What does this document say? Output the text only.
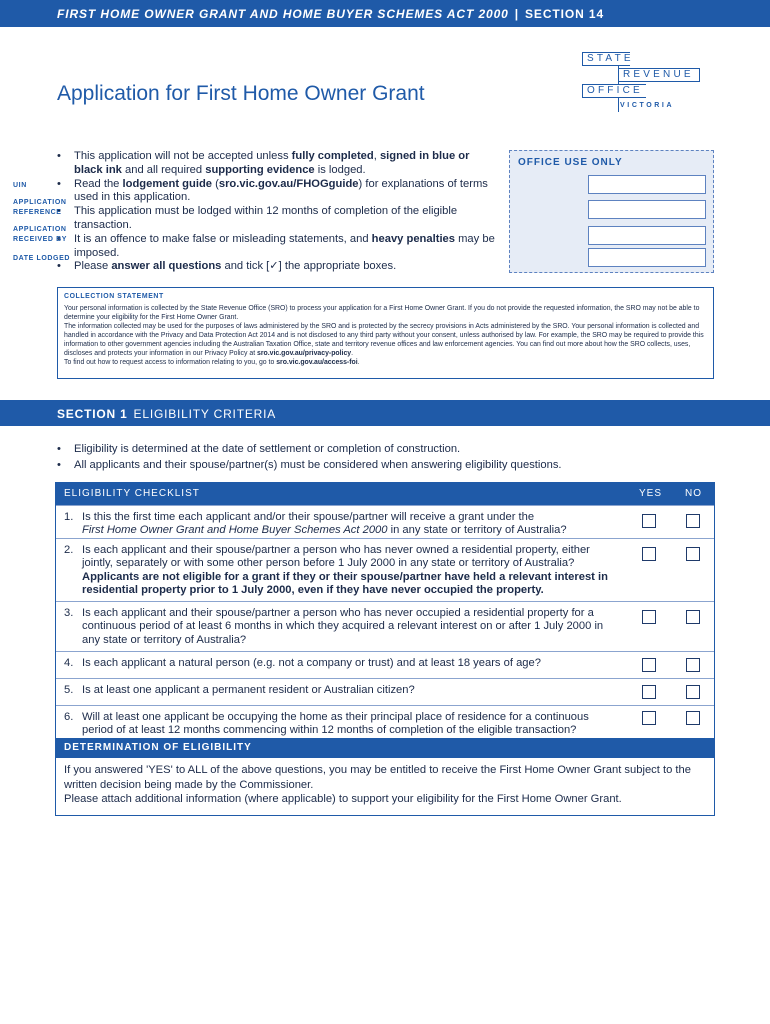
FIRST HOME OWNER GRANT AND HOME BUYER SCHEMES ACT 2000 | SECTION 14
STATE
REVENUE
OFFICE
VICTORIA
Application for First Home Owner Grant
• This application will not be accepted unless fully completed, signed in blue or black ink and all required supporting evidence is lodged.
• Read the lodgement guide (sro.vic.gov.au/FHOGguide) for explanations of terms used in this application.
• This application must be lodged within 12 months of completion of the eligible transaction.
• It is an offence to make false or misleading statements, and heavy penalties may be imposed.
• Please answer all questions and tick [✓] the appropriate boxes.
OFFICE USE ONLY
UIN
APPLICATION
REFERENCE
APPLICATION
RECEIVED BY
DATE LODGED
COLLECTION STATEMENT

Your personal information is collected by the State Revenue Office (SRO) to process your application for a First Home Owner Grant. If you do not provide the requested information, the SRO may not be able to determine your eligibility for the First Home Owner Grant.

The information collected may be used for the purposes of laws administered by the SRO and is protected by the secrecy provisions in Acts administered by the SRO. Your personal information is collected and handled in accordance with the Privacy and Data Protection Act 2014 and is not disclosed to any third party without your consent, unless authorised by law. For example, the SRO may be required to provide this information to other government agencies including the Australian Taxation Office, state and territory revenue offices and law enforcement agencies. You can find out more about how the SRO collects, uses, discloses and protects your information in our Privacy Policy at sro.vic.gov.au/privacy-policy.

To find out how to request access to information relating to you, go to sro.vic.gov.au/access-foi.

SECTION 1 ELIGIBILITY CRITERIA
• Eligibility is determined at the date of settlement or completion of construction.
• All applicants and their spouse/partner(s) must be considered when answering eligibility questions.
ELIGIBILITY CHECKLIST	YES NO
1. Is this the first time each applicant and/or their spouse/partner will receive a grant under the
First Home Owner Grant and Home Buyer Schemes Act 2000 in any state or territory of Australia?
2. Is each applicant and their spouse/partner a person who has never owned a residential property, either jointly, separately or with some other person before 1 July 2000 in any state or territory of Australia?
Applicants are not eligible for a grant if they or their spouse/partner have held a relevant interest in residential property prior to 1 July 2000, even if they have never occupied the property.
3. Is each applicant and their spouse/partner a person who has never occupied a residential property for a continuous period of at least 6 months in which they acquired a relevant interest on or after 1 July 2000 in any state or territory of Australia?
4. Is each applicant a natural person (e.g. not a company or trust) and at least 18 years of age?
5. Is at least one applicant a permanent resident or Australian citizen?
6. Will at least one applicant be occupying the home as their principal place of residence for a continuous period of at least 12 months commencing within 12 months of completion of the eligible transaction?
DETERMINATION OF ELIGIBILITY

If you answered 'YES' to ALL of the above questions, you may be entitled to receive the First Home Owner Grant subject to the written decision being made by the Commissioner.

Please attach additional information (where applicable) to support your eligibility for the First Home Owner Grant.
